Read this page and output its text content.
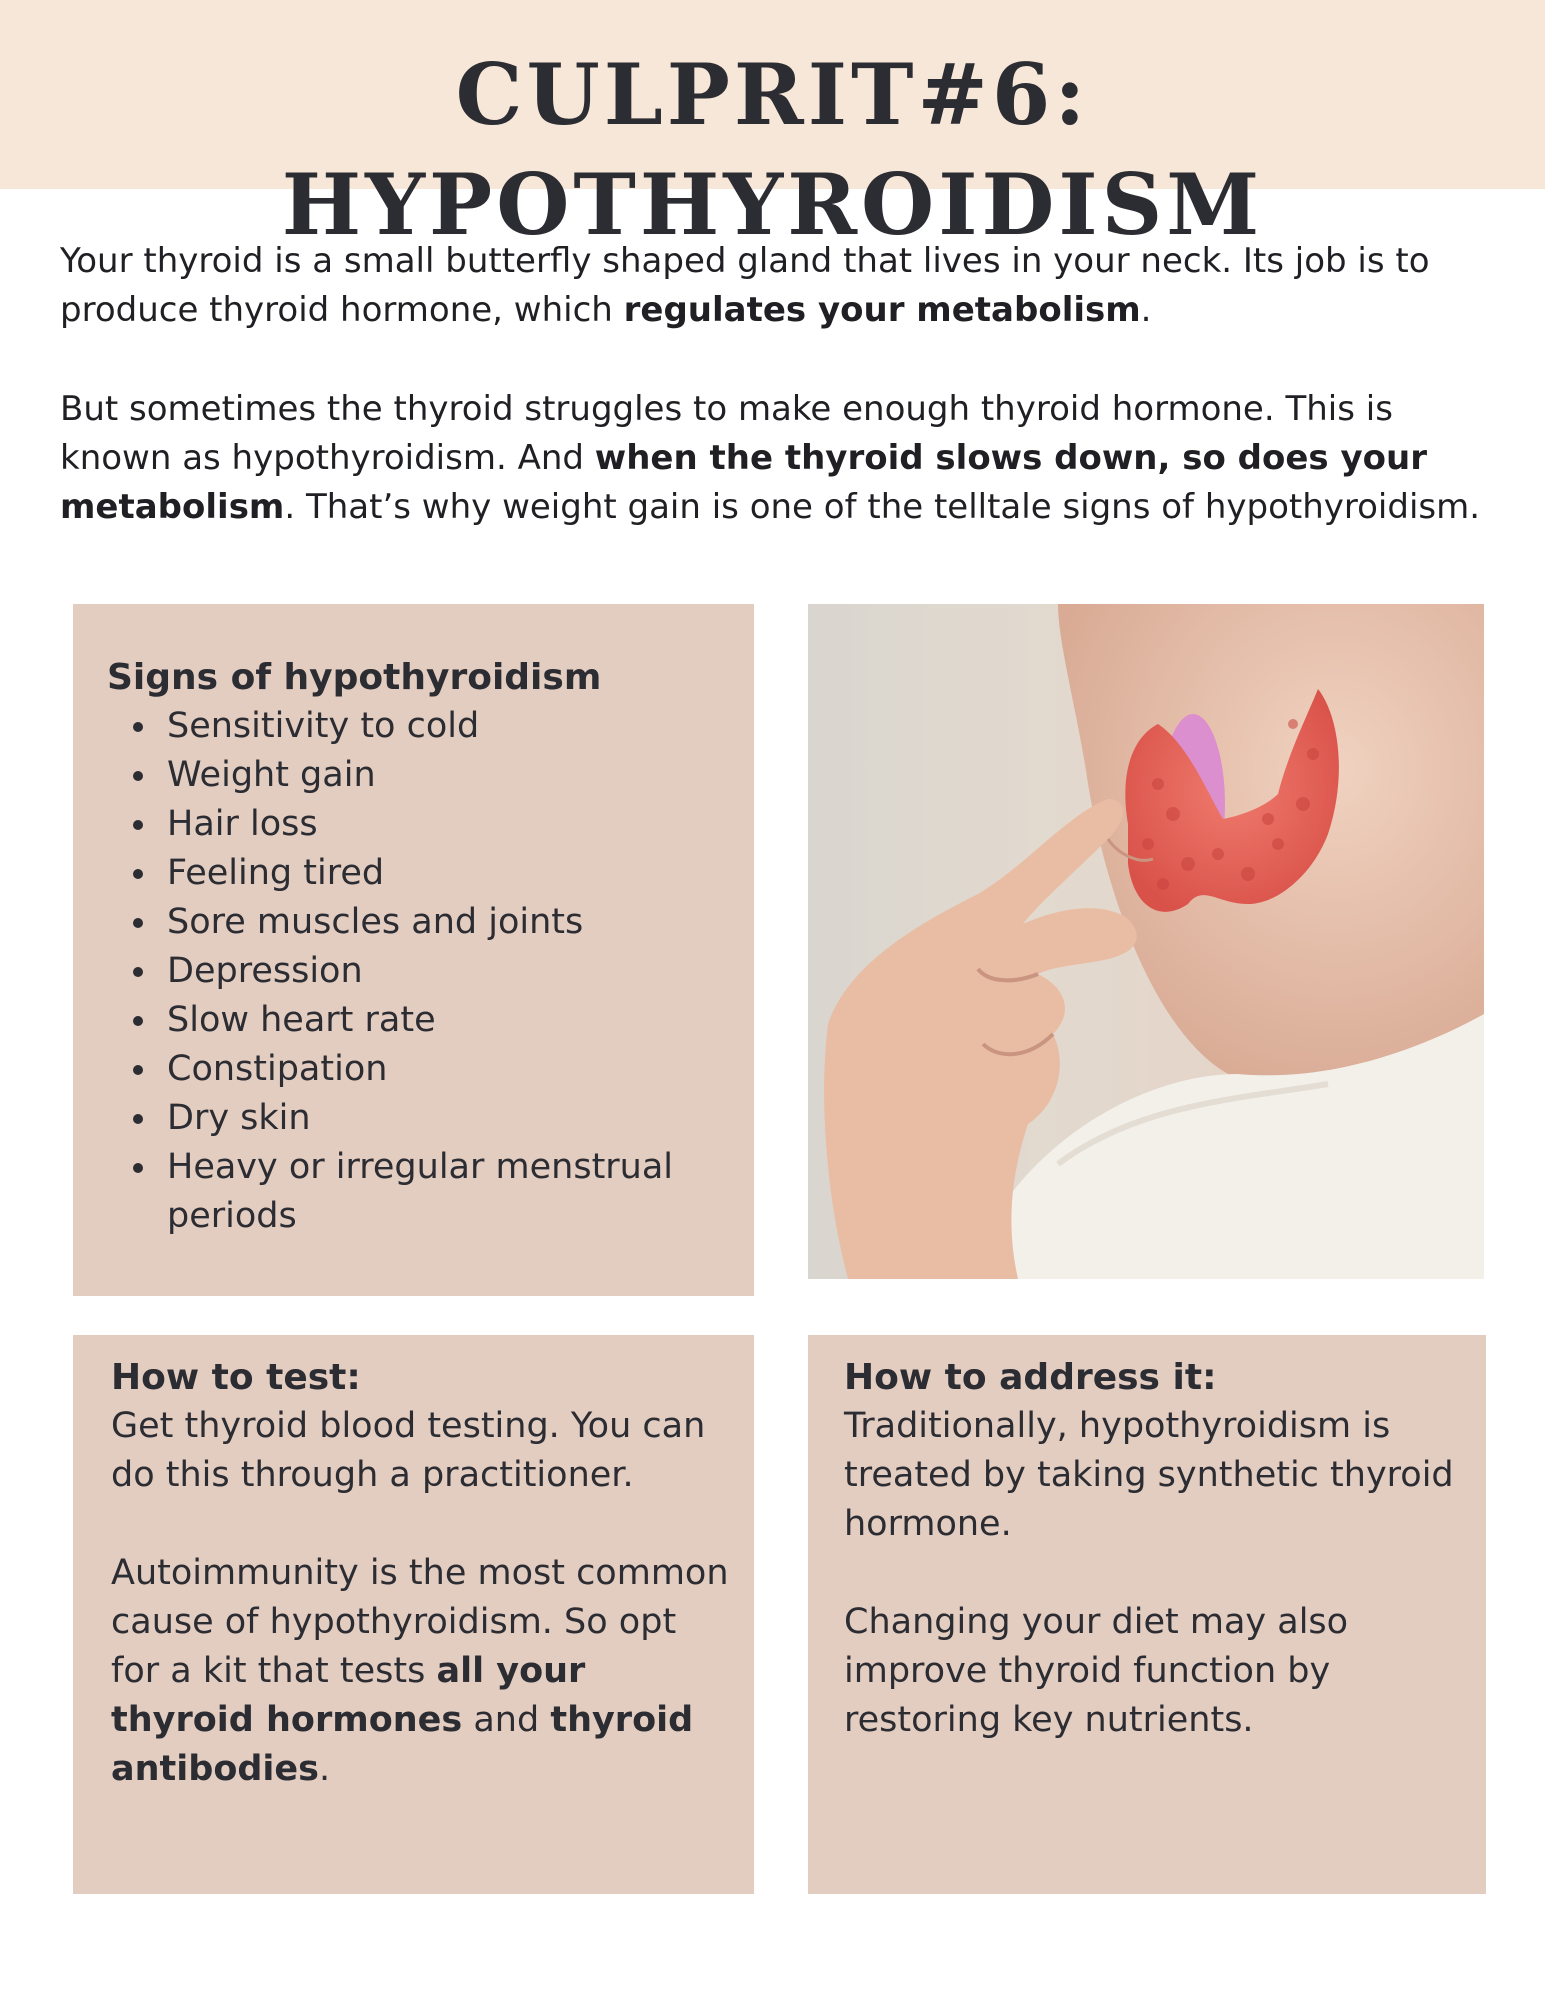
CULPRIT#6: HYPOTHYROIDISM

Your thyroid is a small butterfly shaped gland that lives in your neck. Its job is to produce thyroid hormone, which regulates your metabolism.

But sometimes the thyroid struggles to make enough thyroid hormone. This is known as hypothyroidism. And when the thyroid slows down, so does your metabolism. That’s why weight gain is one of the telltale signs of hypothyroidism.

Signs of hypothyroidism
Sensitivity to cold
Weight gain
Hair loss
Feeling tired
Sore muscles and joints
Depression
Slow heart rate
Constipation
Dry skin
Heavy or irregular menstrual periods
How to test:

Get thyroid blood testing. You can do this through a practitioner.

Autoimmunity is the most common cause of hypothyroidism. So opt for a kit that tests all your thyroid hormones and thyroid antibodies.

How to address it:

Traditionally, hypothyroidism is treated by taking synthetic thyroid hormone.

Changing your diet may also improve thyroid function by restoring key nutrients.
